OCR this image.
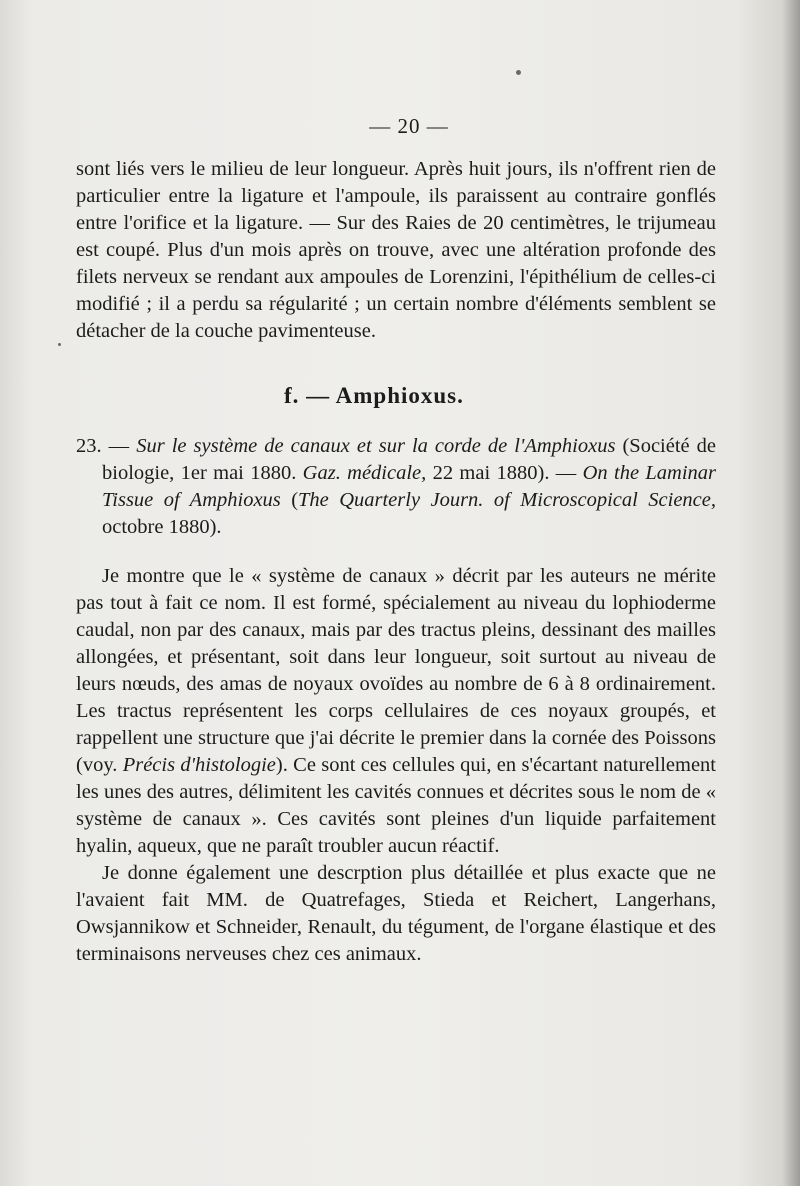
— 20 —

sont liés vers le milieu de leur longueur. Après huit jours, ils n'offrent rien de particulier entre la ligature et l'ampoule, ils paraissent au contraire gonflés entre l'orifice et la ligature. — Sur des Raies de 20 centimètres, le trijumeau est coupé. Plus d'un mois après on trouve, avec une altération profonde des filets nerveux se rendant aux ampoules de Lorenzini, l'épithélium de celles-ci modifié ; il a perdu sa régularité ; un certain nombre d'éléments semblent se détacher de la couche pavimenteuse.

f. — Amphioxus.

23. — Sur le système de canaux et sur la corde de l'Amphioxus (Société de biologie, 1er mai 1880. Gaz. médicale, 22 mai 1880). — On the Laminar Tissue of Amphioxus (The Quarterly Journ. of Microscopical Science, octobre 1880).

Je montre que le « système de canaux » décrit par les auteurs ne mérite pas tout à fait ce nom. Il est formé, spécialement au niveau du lophioderme caudal, non par des canaux, mais par des tractus pleins, dessinant des mailles allongées, et présentant, soit dans leur longueur, soit surtout au niveau de leurs nœuds, des amas de noyaux ovoïdes au nombre de 6 à 8 ordinairement. Les tractus représentent les corps cellulaires de ces noyaux groupés, et rappellent une structure que j'ai décrite le premier dans la cornée des Poissons (voy. Précis d'histologie). Ce sont ces cellules qui, en s'écartant naturellement les unes des autres, délimitent les cavités connues et décrites sous le nom de « système de canaux ». Ces cavités sont pleines d'un liquide parfaitement hyalin, aqueux, que ne paraît troubler aucun réactif.

Je donne également une descrption plus détaillée et plus exacte que ne l'avaient fait MM. de Quatrefages, Stieda et Reichert, Langerhans, Owsjannikow et Schneider, Renault, du tégument, de l'organe élastique et des terminaisons nerveuses chez ces animaux.
